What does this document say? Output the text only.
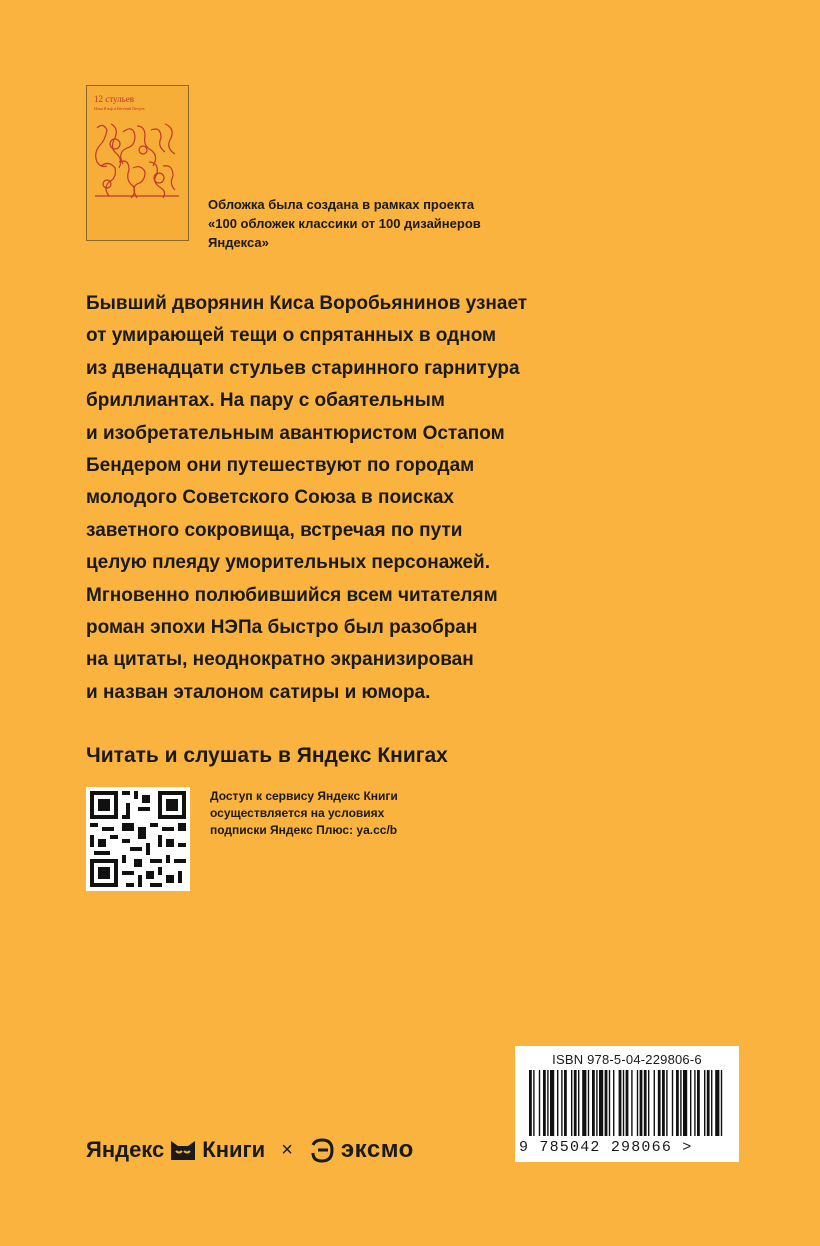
12 стульев
Илья Ильф и Евгений Петров

Обложка была создана в рамках проекта «100 обложек классики от 100 дизайнеров Яндекса»

Бывший дворянин Киса Воробьянинов узнает
от умирающей тещи о спрятанных в одном
из двенадцати стульев старинного гарнитура
бриллиантах. На пару с обаятельным
и изобретательным авантюристом Остапом
Бендером они путешествуют по городам
молодого Советского Союза в поисках
заветного сокровища, встречая по пути
целую плеяду уморительных персонажей.
Мгновенно полюбившийся всем читателям
роман эпохи НЭПа быстро был разобран
на цитаты, неоднократно экранизирован
и назван эталоном сатиры и юмора.

Читать и слушать в Яндекс Книгах

Доступ к сервису Яндекс Книги
осуществляется на условиях
подписки Яндекс Плюс: ya.cc/b

ISBN 978-5-04-229806-6
9 785042 298066 >
Яндекс Книги × эксмо
